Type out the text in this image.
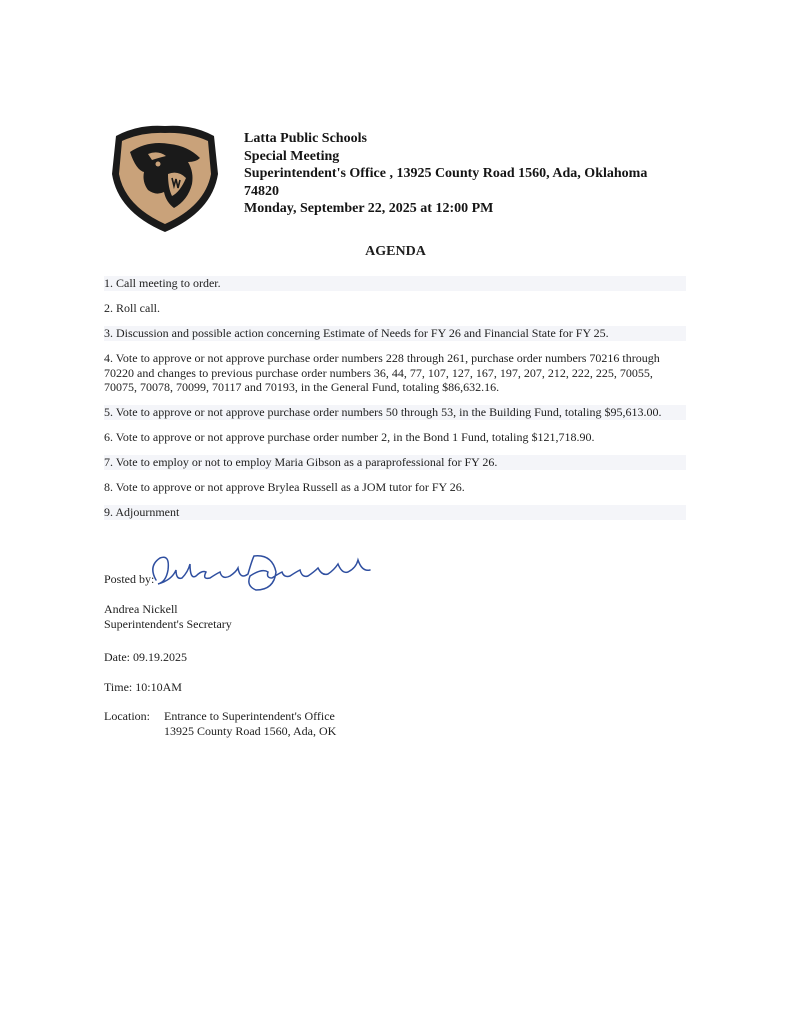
Latta Public Schools
Special Meeting
Superintendent's Office , 13925 County Road 1560, Ada, Oklahoma
74820
Monday, September 22, 2025 at 12:00 PM
AGENDA
1. Call meeting to order.
2. Roll call.
3. Discussion and possible action concerning Estimate of Needs for FY 26 and Financial State for FY 25.
4. Vote to approve or not approve purchase order numbers 228 through 261, purchase order numbers 70216 through 70220 and changes to previous purchase order numbers 36, 44, 77, 107, 127, 167, 197, 207, 212, 222, 225, 70055, 70075, 70078, 70099, 70117 and 70193, in the General Fund, totaling $86,632.16.
5. Vote to approve or not approve purchase order numbers 50 through 53, in the Building Fund, totaling $95,613.00.
6. Vote to approve or not approve purchase order number 2, in the Bond 1 Fund, totaling $121,718.90.
7. Vote to employ or not to employ Maria Gibson as a paraprofessional for FY 26.
8. Vote to approve or not approve Brylea Russell as a JOM tutor for FY 26.
9. Adjournment
Posted by:
Andrea Nickell
Superintendent's Secretary
Date: 09.19.2025
Time: 10:10AM
Location:	Entrance to Superintendent's Office
13925 County Road 1560, Ada, OK
